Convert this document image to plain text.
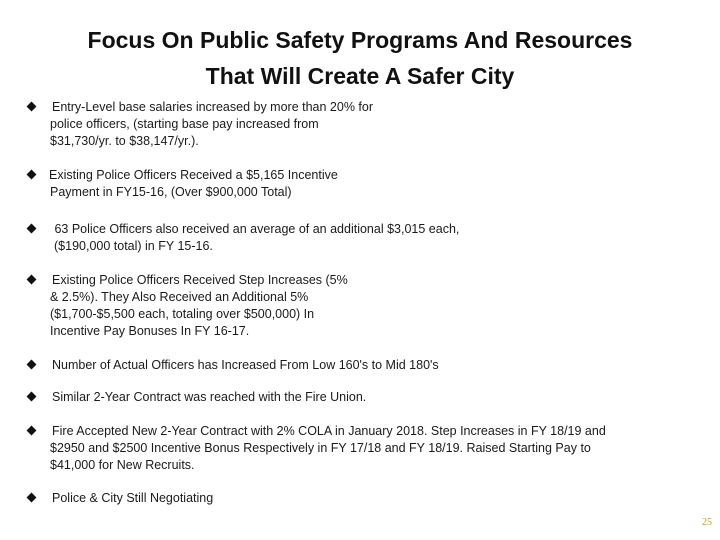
Focus On Public Safety Programs And Resources
That Will Create A Safer City
Entry-Level base salaries increased by more than 20% for
police officers, (starting base pay increased from
$31,730/yr. to $38,147/yr.).
Existing Police Officers Received a $5,165 Incentive
Payment in FY15-16, (Over $900,000 Total)
63 Police Officers also received an average of an additional $3,015 each,
($190,000 total) in FY 15-16.
Existing Police Officers Received Step Increases (5%
& 2.5%). They Also Received an Additional 5%
($1,700-$5,500 each, totaling over $500,000) In
Incentive Pay Bonuses In FY 16-17.
Number of Actual Officers has Increased From Low 160's to Mid 180's
Similar 2-Year Contract was reached with the Fire Union.
Fire Accepted New 2-Year Contract with 2% COLA in January 2018. Step Increases in FY 18/19 and
$2950 and $2500 Incentive Bonus Respectively in FY 17/18 and FY 18/19. Raised Starting Pay to
$41,000 for New Recruits.
Police & City Still Negotiating
25
